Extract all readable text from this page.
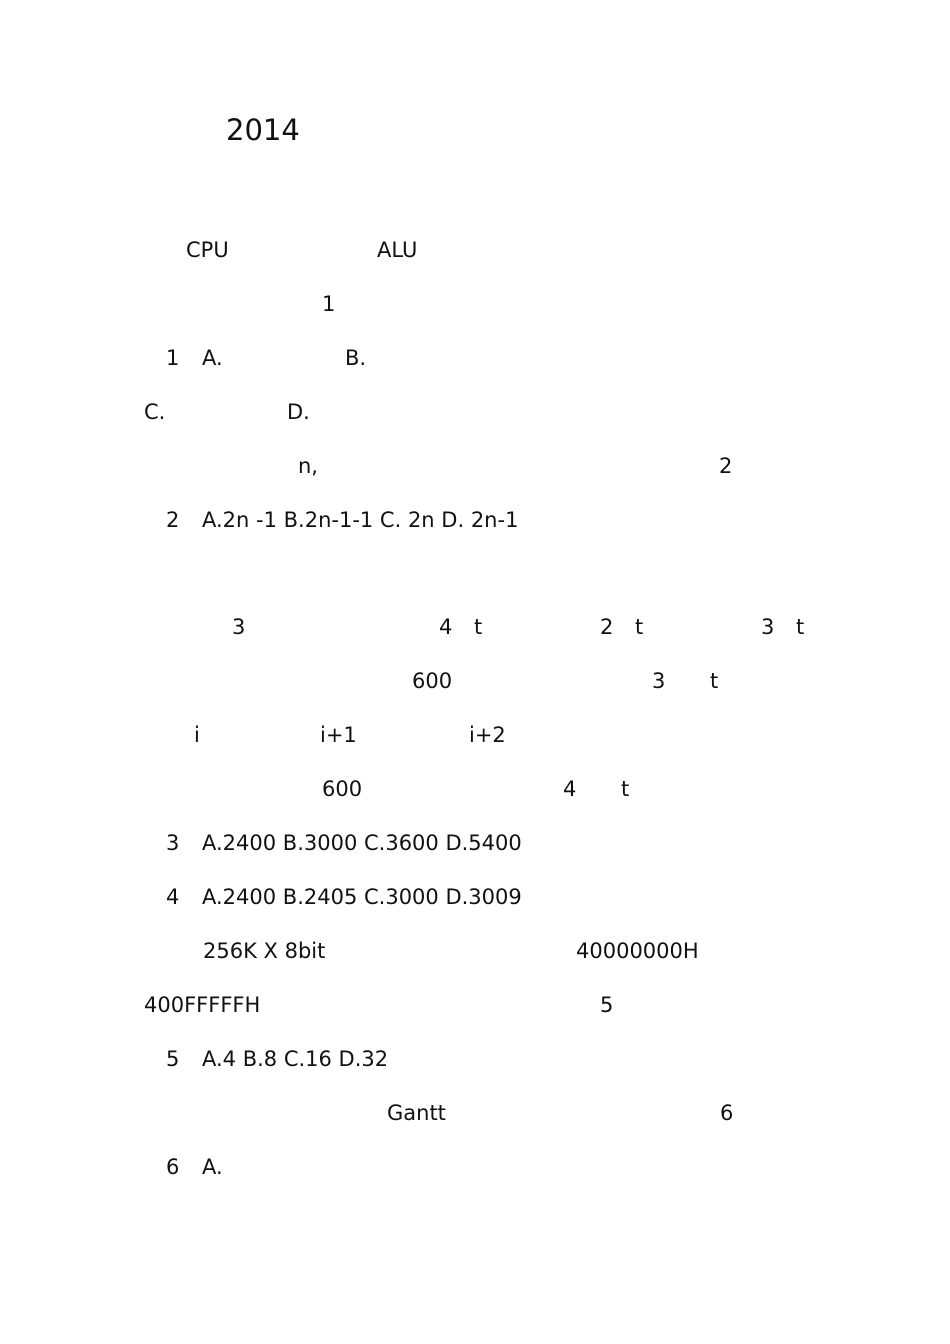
2014
CPU	ALU
1
1 A.	B.
C.	D.
n,	2
2 A.2n -1 B.2n-1-1 C. 2n D. 2n-1
3	4 t	2 t	3 t
600	3 t
i	i+1	i+2
600	4 t
3 A.2400 B.3000 C.3600 D.5400
4 A.2400 B.2405 C.3000 D.3009
256K X 8bit	40000000H
400FFFFFH	5
5 A.4 B.8 C.16 D.32
Gantt	6
6 A.
